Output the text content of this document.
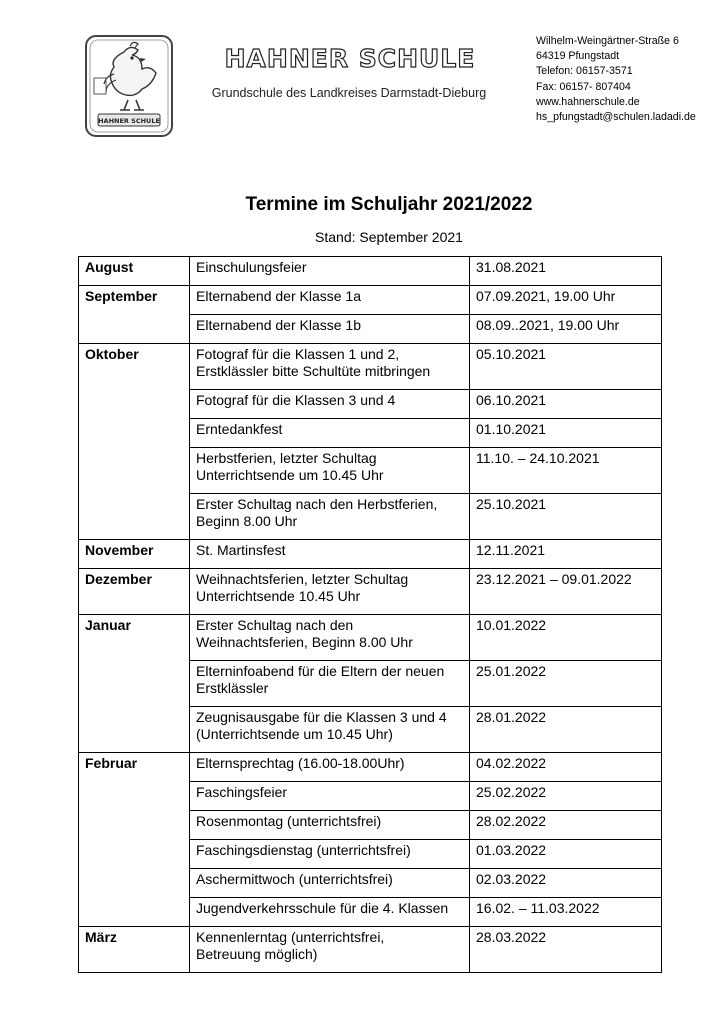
HAHNER SCHULE
HAHNER SCHULE
Grundschule des Landkreises Darmstadt-Dieburg
Wilhelm-Weingärtner-Straße 6
64319 Pfungstadt
Telefon: 06157-3571
Fax: 06157- 807404
www.hahnerschule.de
hs_pfungstadt@schulen.ladadi.de
Termine im Schuljahr 2021/2022
Stand: September 2021
August	Einschulungsfeier	31.08.2021
September	Elternabend der Klasse 1a	07.09.2021, 19.00 Uhr
	Elternabend der Klasse 1b	08.09..2021, 19.00 Uhr
Oktober	Fotograf für die Klassen 1 und 2,
Erstklässler bitte Schultüte mitbringen	05.10.2021
	Fotograf für die Klassen 3 und 4	06.10.2021
	Erntedankfest	01.10.2021
	Herbstferien, letzter Schultag
Unterrichtsende um 10.45 Uhr	11.10. – 24.10.2021
	Erster Schultag nach den Herbstferien,
Beginn 8.00 Uhr	25.10.2021
November	St. Martinsfest	12.11.2021
Dezember	Weihnachtsferien, letzter Schultag
Unterrichtsende 10.45 Uhr	23.12.2021 – 09.01.2022
Januar	Erster Schultag nach den
Weihnachtsferien, Beginn 8.00 Uhr	10.01.2022
	Elterninfoabend für die Eltern der neuen
Erstklässler	25.01.2022
	Zeugnisausgabe für die Klassen 3 und 4
(Unterrichtsende um 10.45 Uhr)	28.01.2022
Februar	Elternsprechtag (16.00-18.00Uhr)	04.02.2022
	Faschingsfeier	25.02.2022
	Rosenmontag (unterrichtsfrei)	28.02.2022
	Faschingsdienstag (unterrichtsfrei)	01.03.2022
	Aschermittwoch (unterrichtsfrei)	02.03.2022
	Jugendverkehrsschule für die 4. Klassen	16.02. – 11.03.2022
März	Kennenlerntag (unterrichtsfrei,
Betreuung möglich)	28.03.2022
